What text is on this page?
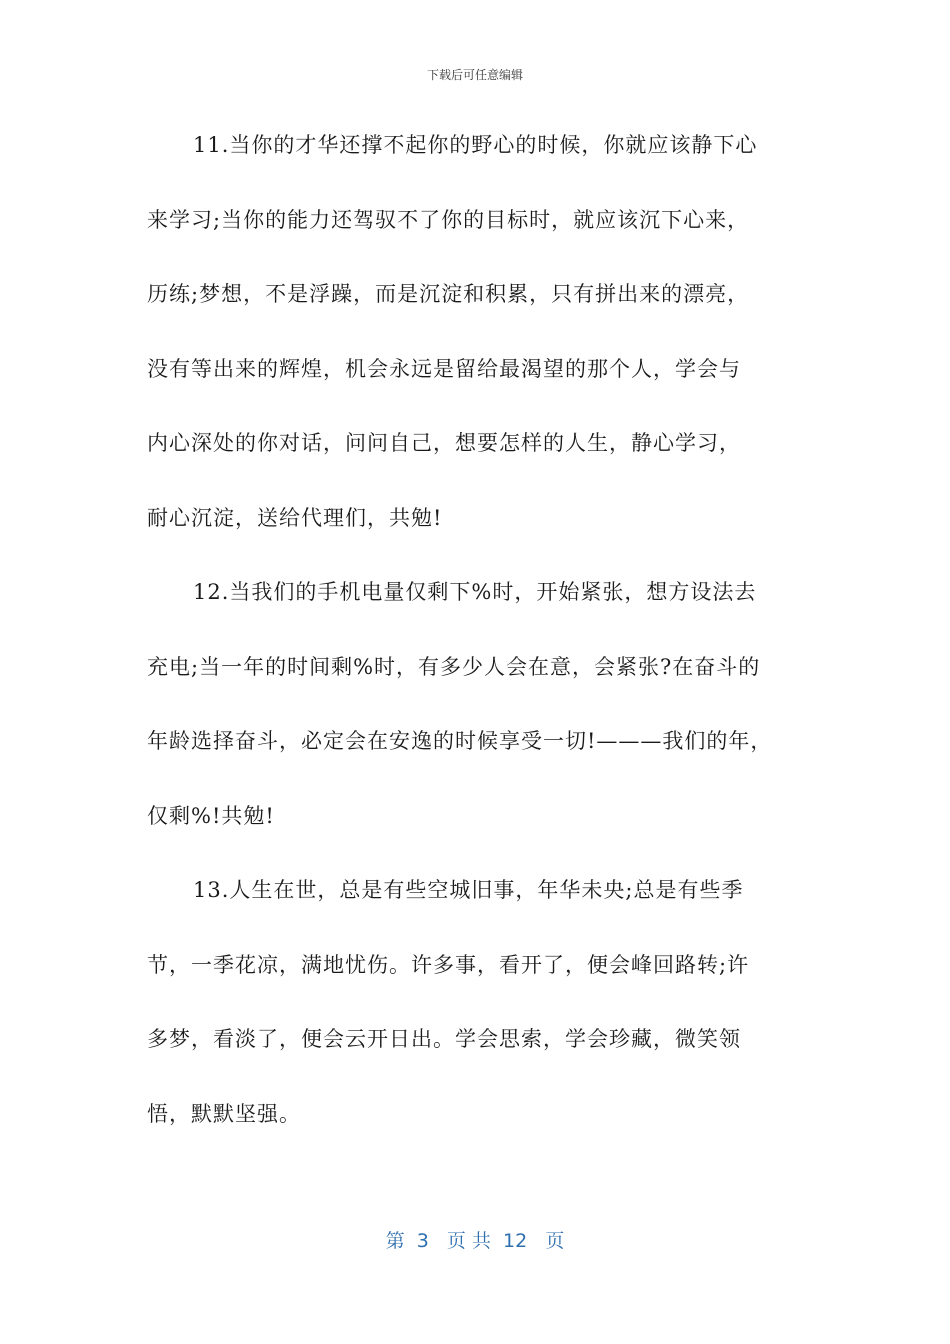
下载后可任意编辑
11.当你的才华还撑不起你的野心的时候，你就应该静下心
来学习;当你的能力还驾驭不了你的目标时，就应该沉下心来，
历练;梦想，不是浮躁，而是沉淀和积累，只有拼出来的漂亮，
没有等出来的辉煌，机会永远是留给最渴望的那个人，学会与
内心深处的你对话，问问自己，想要怎样的人生，静心学习，
耐心沉淀，送给代理们，共勉!
12.当我们的手机电量仅剩下%时，开始紧张，想方设法去
充电;当一年的时间剩%时，有多少人会在意，会紧张?在奋斗的
年龄选择奋斗，必定会在安逸的时候享受一切!———我们的年，
仅剩%!共勉!
13.人生在世，总是有些空城旧事，年华未央;总是有些季
节，一季花凉，满地忧伤。许多事，看开了，便会峰回路转;许
多梦，看淡了，便会云开日出。学会思索，学会珍藏，微笑领
悟，默默坚强。
第  3   页 共  12   页
